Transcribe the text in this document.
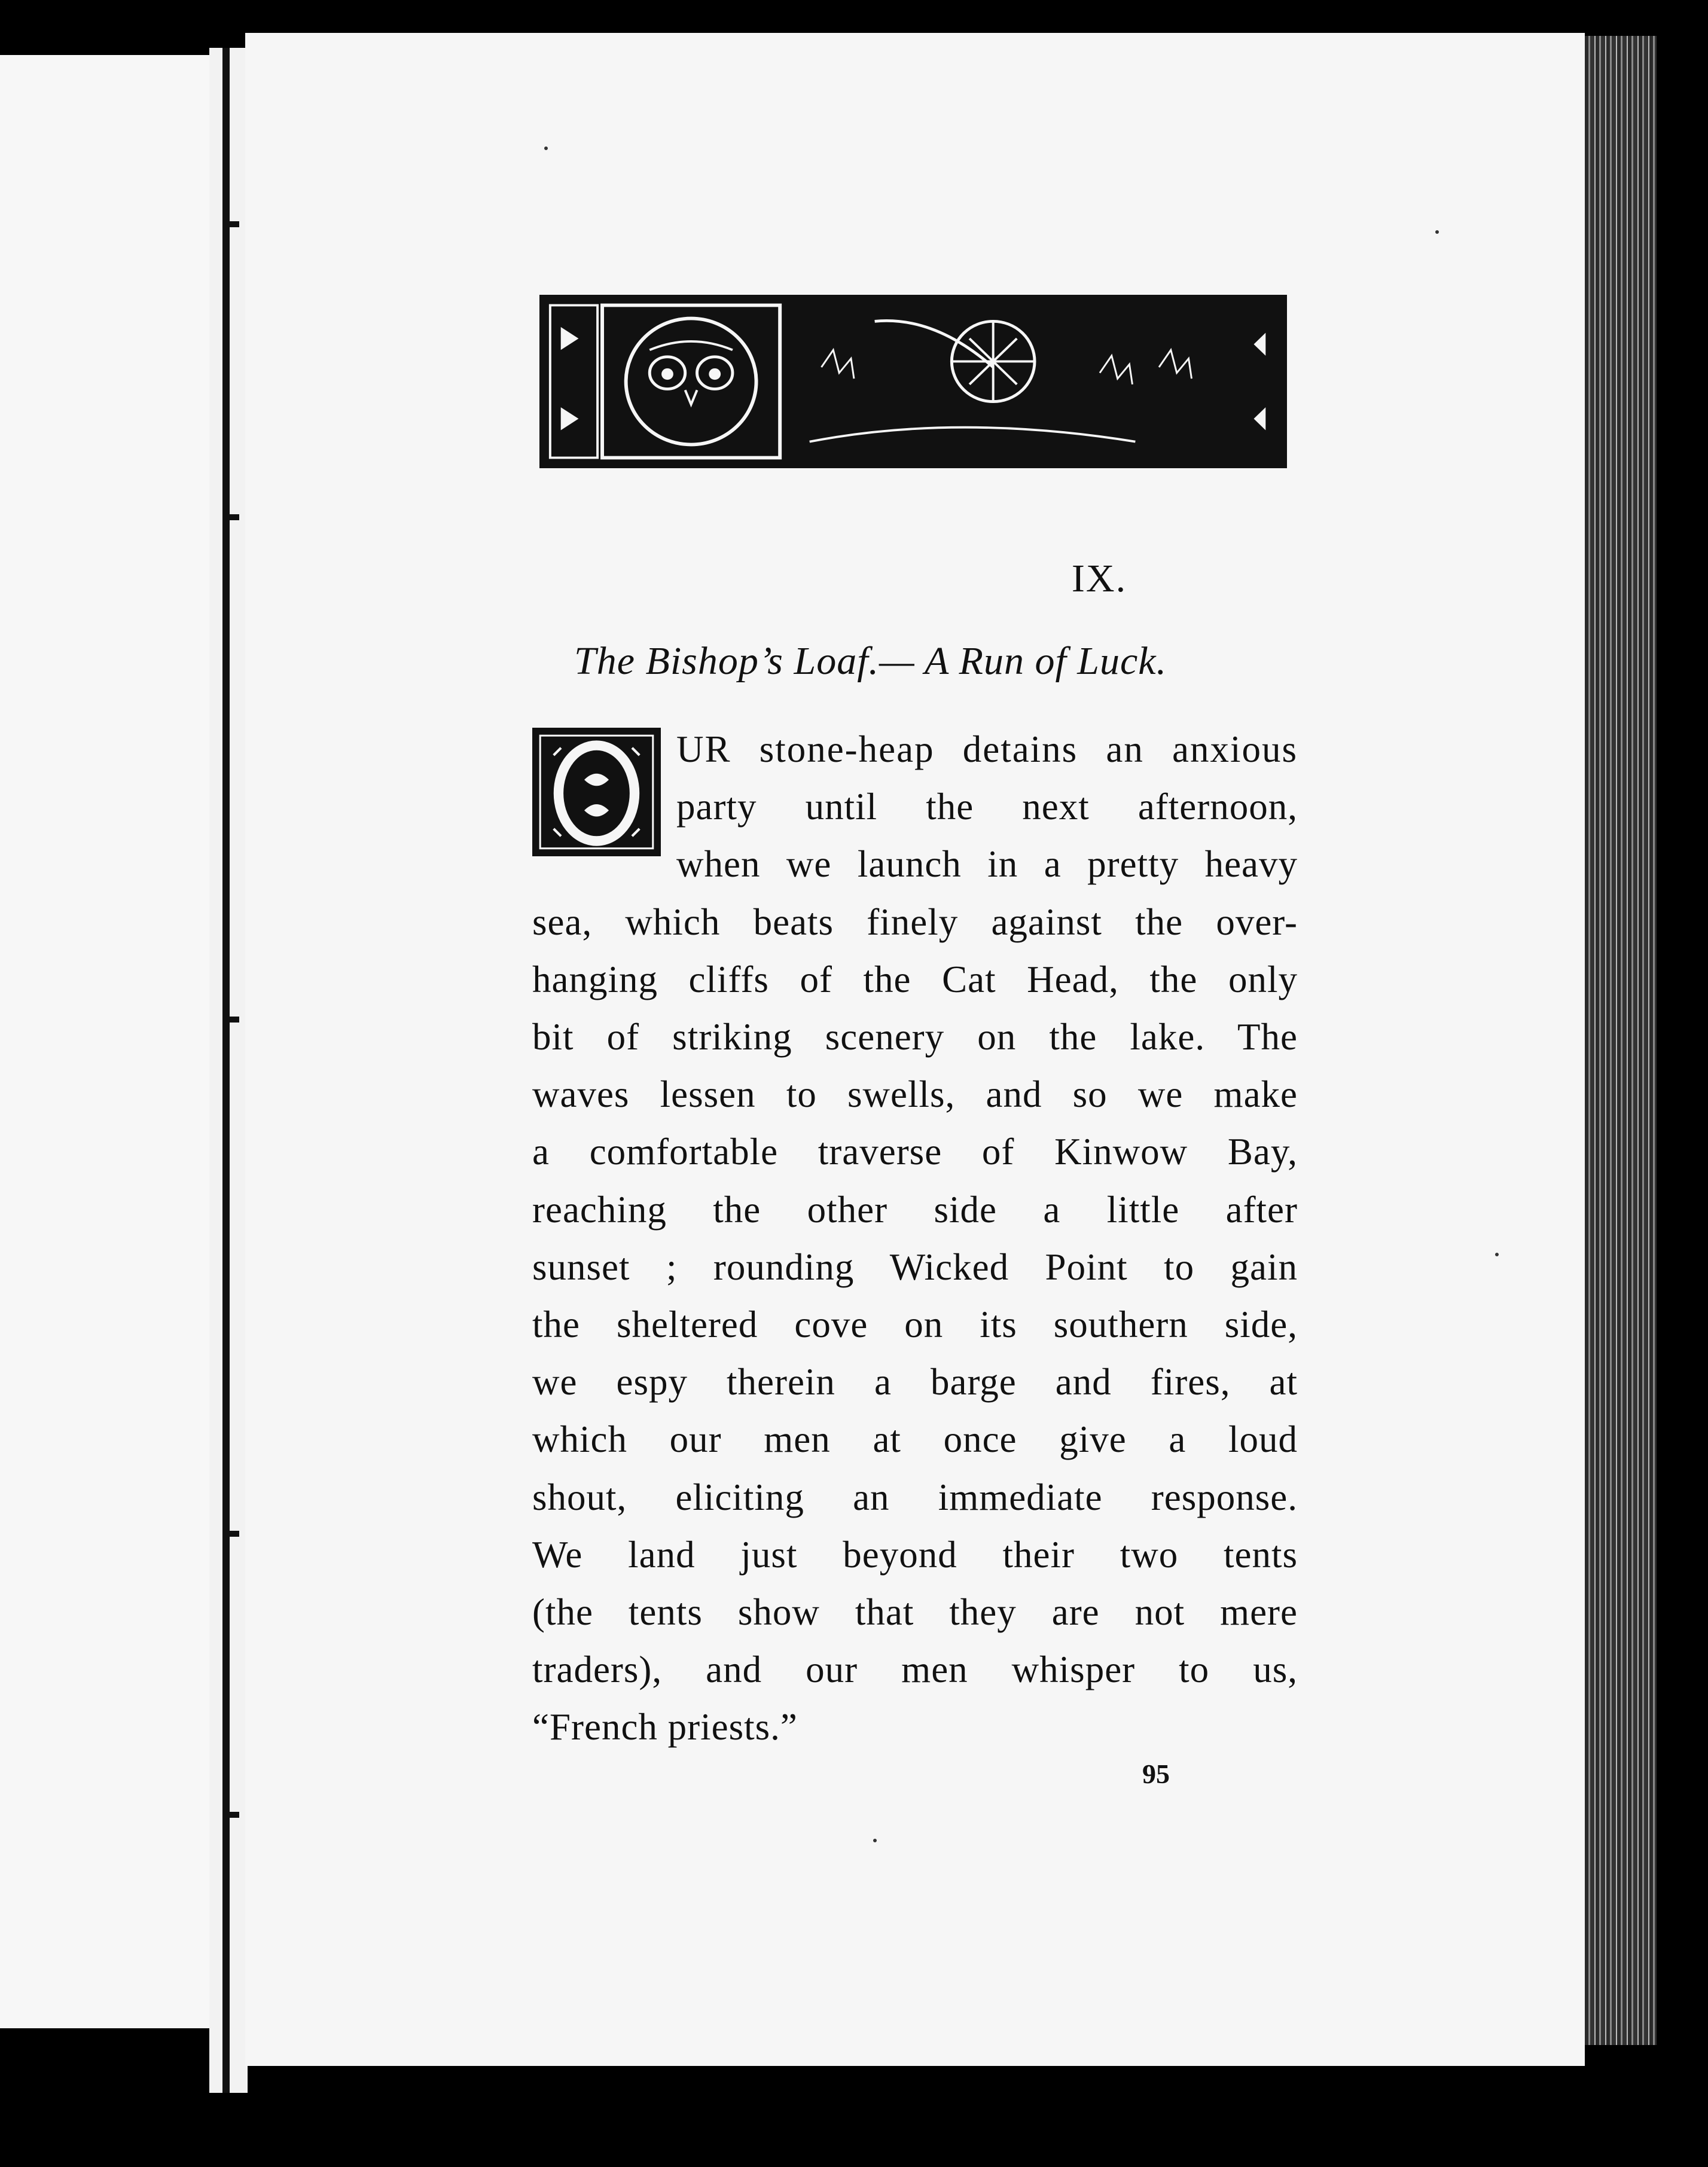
IX.
The Bishop’s Loaf.— A Run of Luck.
UR stone-heap detains an anxious
party until the next afternoon,
when we launch in a pretty heavy
sea, which beats finely against the over-
hanging cliffs of the Cat Head, the only
bit of striking scenery on the lake. The
waves lessen to swells, and so we make
a comfortable traverse of Kinwow Bay,
reaching the other side a little after
sunset ; rounding Wicked Point to gain
the sheltered cove on its southern side,
we espy therein a barge and fires, at
which our men at once give a loud
shout, eliciting an immediate response.
We land just beyond their two tents
(the tents show that they are not mere
traders), and our men whisper to us,
“French priests.”
95
